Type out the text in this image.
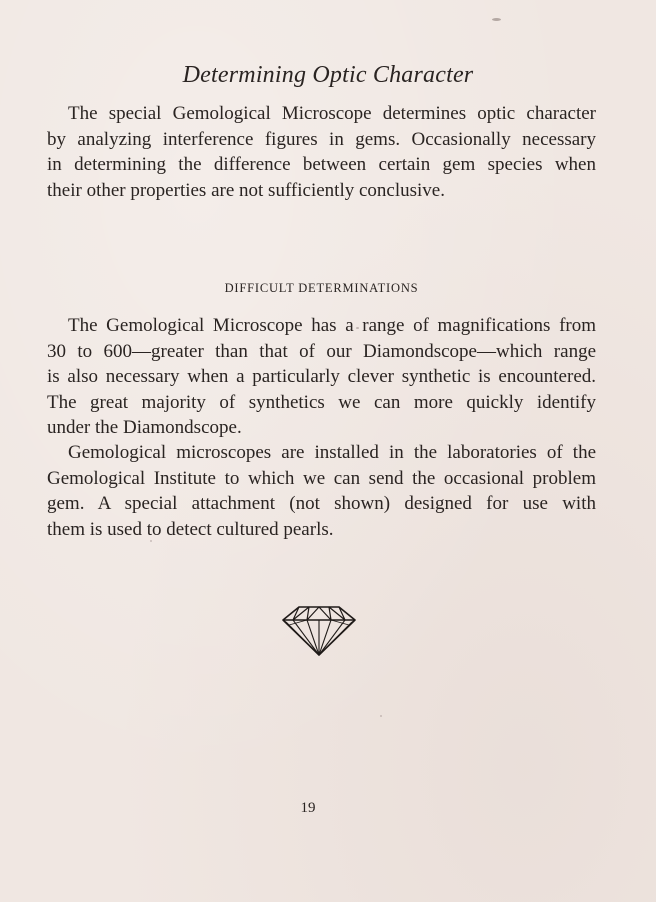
Determining Optic Character
The special Gemological Microscope determines optic character
by analyzing interference figures in gems. Occasionally necessary
in determining the difference between certain gem species when
their other properties are not sufficiently conclusive.
DIFFICULT DETERMINATIONS
The Gemological Microscope has a range of magnifications from
30 to 600—greater than that of our Diamondscope—which range
is also necessary when a particularly clever synthetic is encountered.
The great majority of synthetics we can more quickly identify
under the Diamondscope.
Gemological microscopes are installed in the laboratories of the
Gemological Institute to which we can send the occasional problem
gem. A special attachment (not shown) designed for use with
them is used to detect cultured pearls.
19
